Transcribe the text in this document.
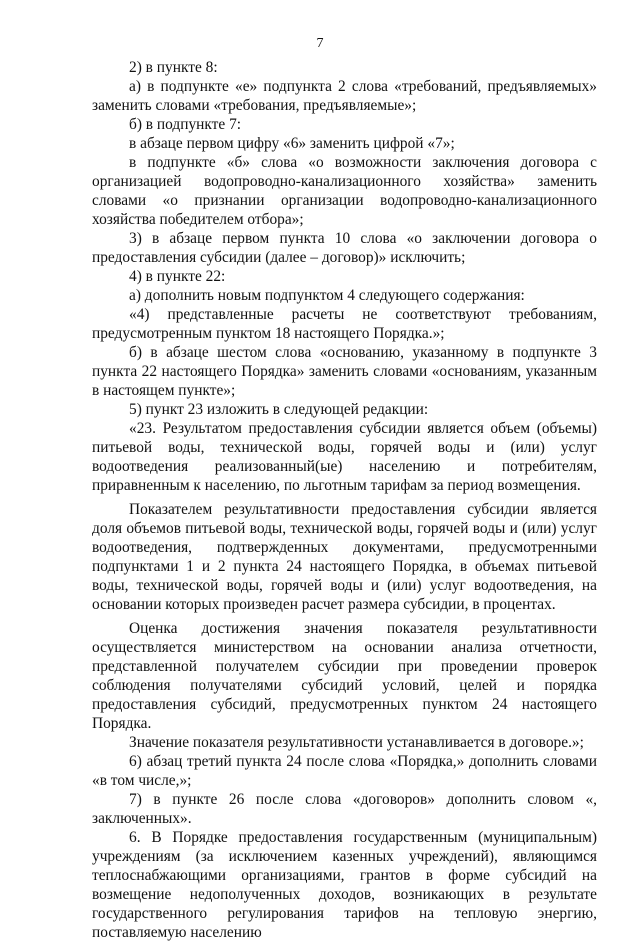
7

2) в пункте 8:

а) в подпункте «е» подпункта 2 слова «требований, предъявляемых» заменить словами «требования, предъявляемые»;

б) в подпункте 7:

в абзаце первом цифру «6» заменить цифрой «7»;

в подпункте «б» слова «о возможности заключения договора с организацией водопроводно-канализационного хозяйства» заменить словами «о признании организации водопроводно-канализационного хозяйства победителем отбора»;

3) в абзаце первом пункта 10 слова «о заключении договора о предоставления субсидии (далее – договор)» исключить;

4) в пункте 22:

а) дополнить новым подпунктом 4 следующего содержания:

«4) представленные расчеты не соответствуют требованиям, предусмотренным пунктом 18 настоящего Порядка.»;

б) в абзаце шестом слова «основанию, указанному в подпункте 3 пункта 22 настоящего Порядка» заменить словами «основаниям, указанным в настоящем пункте»;

5) пункт 23 изложить в следующей редакции:

«23. Результатом предоставления субсидии является объем (объемы) питьевой воды, технической воды, горячей воды и (или) услуг водоотведения реализованный(ые) населению и потребителям, приравненным к населению, по льготным тарифам за период возмещения.

Показателем результативности предоставления субсидии является доля объемов питьевой воды, технической воды, горячей воды и (или) услуг водоотведения, подтвержденных документами, предусмотренными подпунктами 1 и 2 пункта 24 настоящего Порядка, в объемах питьевой воды, технической воды, горячей воды и (или) услуг водоотведения, на основании которых произведен расчет размера субсидии, в процентах.

Оценка достижения значения показателя результативности осуществляется министерством на основании анализа отчетности, представленной получателем субсидии при проведении проверок соблюдения получателями субсидий условий, целей и порядка предоставления субсидий, предусмотренных пунктом 24 настоящего Порядка.

Значение показателя результативности устанавливается в договоре.»;

6) абзац третий пункта 24 после слова «Порядка,» дополнить словами «в том числе,»;

7) в пункте 26 после слова «договоров» дополнить словом «, заключенных».

6. В Порядке предоставления государственным (муниципальным) учреждениям (за исключением казенных учреждений), являющимся теплоснабжающими организациями, грантов в форме субсидий на возмещение недополученных доходов, возникающих в результате государственного регулирования тарифов на тепловую энергию, поставляемую населению
